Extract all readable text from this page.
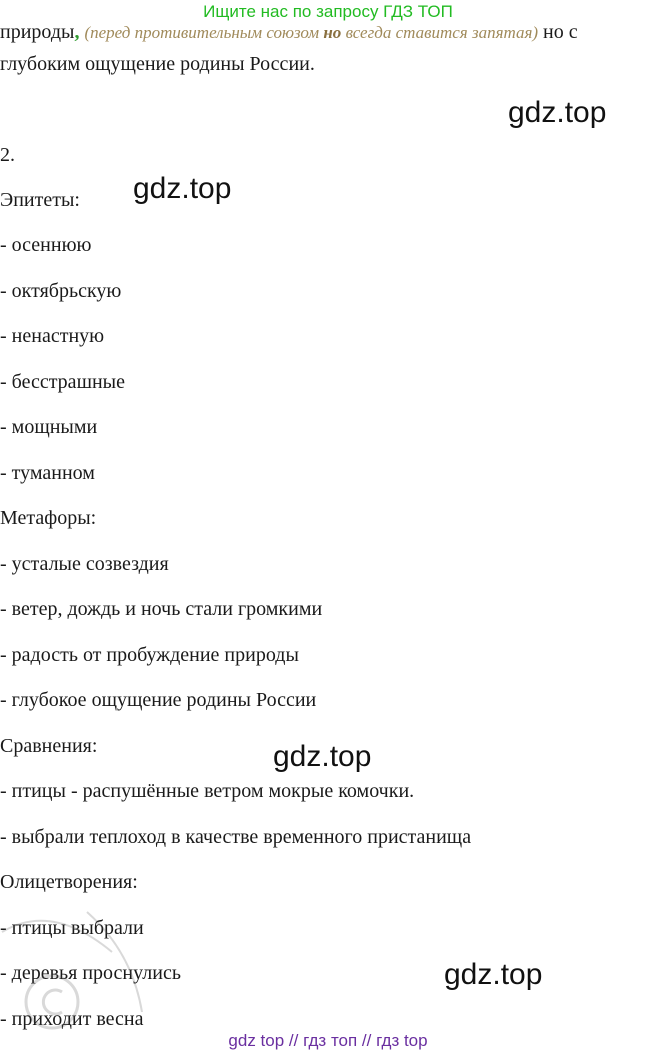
Ищите нас по запросу ГДЗ ТОП
природы, (перед противительным союзом но всегда ставится запятая) но с
глубоким ощущение родины России.
gdz.top
2.
Эпитеты: gdz.top
- осеннюю
- октябрьскую
- ненастную
- бесстрашные
- мощными
- туманном
Метафоры:
- усталые созвездия
- ветер, дождь и ночь стали громкими
- радость от пробуждение природы
- глубокое ощущение родины России
Сравнения:	gdz.top
- птицы - распушённые ветром мокрые комочки.
- выбрали теплоход в качестве временного пристанища
Олицетворения:
- птицы выбрали
- деревья проснулись	gdz.top
- приходит весна
gdz top // гдз топ // гдз top
